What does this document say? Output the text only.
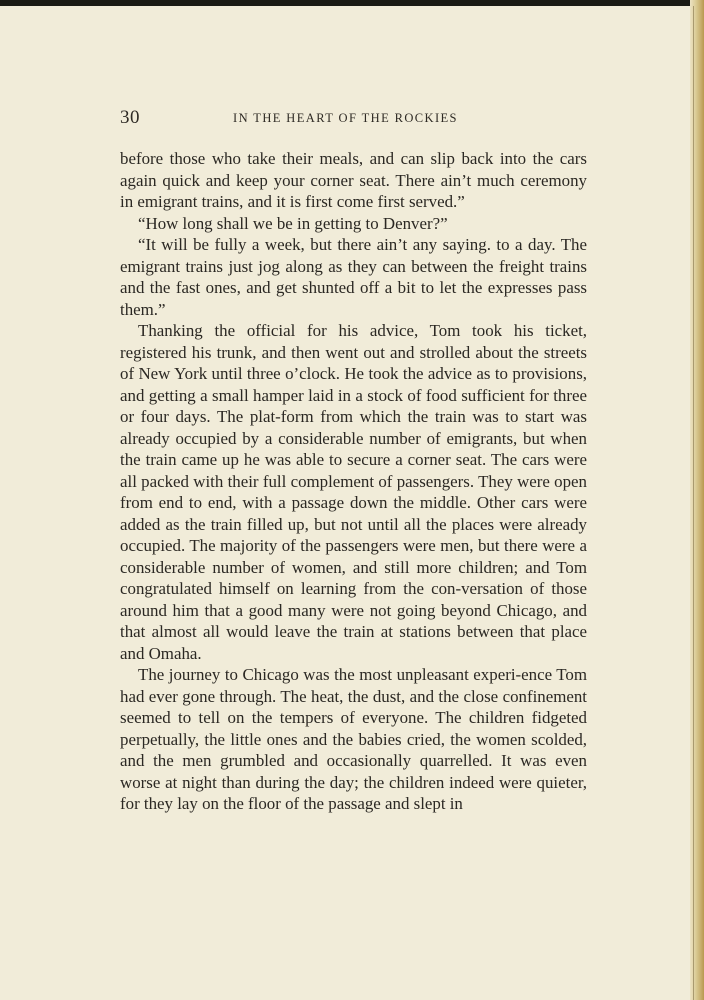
30	IN THE HEART OF THE ROCKIES

before those who take their meals, and can slip back into the cars again quick and keep your corner seat. There ain’t much ceremony in emigrant trains, and it is first come first served.”

“How long shall we be in getting to Denver?”

“It will be fully a week, but there ain’t any saying. to a day. The emigrant trains just jog along as they can between the freight trains and the fast ones, and get shunted off a bit to let the expresses pass them.”

Thanking the official for his advice, Tom took his ticket, registered his trunk, and then went out and strolled about the streets of New York until three o’clock. He took the advice as to provisions, and getting a small hamper laid in a stock of food sufficient for three or four days. The plat-form from which the train was to start was already occupied by a considerable number of emigrants, but when the train came up he was able to secure a corner seat. The cars were all packed with their full complement of passengers. They were open from end to end, with a passage down the middle. Other cars were added as the train filled up, but not until all the places were already occupied. The majority of the passengers were men, but there were a considerable number of women, and still more children; and Tom congratulated himself on learning from the con-versation of those around him that a good many were not going beyond Chicago, and that almost all would leave the train at stations between that place and Omaha.

The journey to Chicago was the most unpleasant experi-ence Tom had ever gone through. The heat, the dust, and the close confinement seemed to tell on the tempers of everyone. The children fidgeted perpetually, the little ones and the babies cried, the women scolded, and the men grumbled and occasionally quarrelled. It was even worse at night than during the day; the children indeed were quieter, for they lay on the floor of the passage and slept in
